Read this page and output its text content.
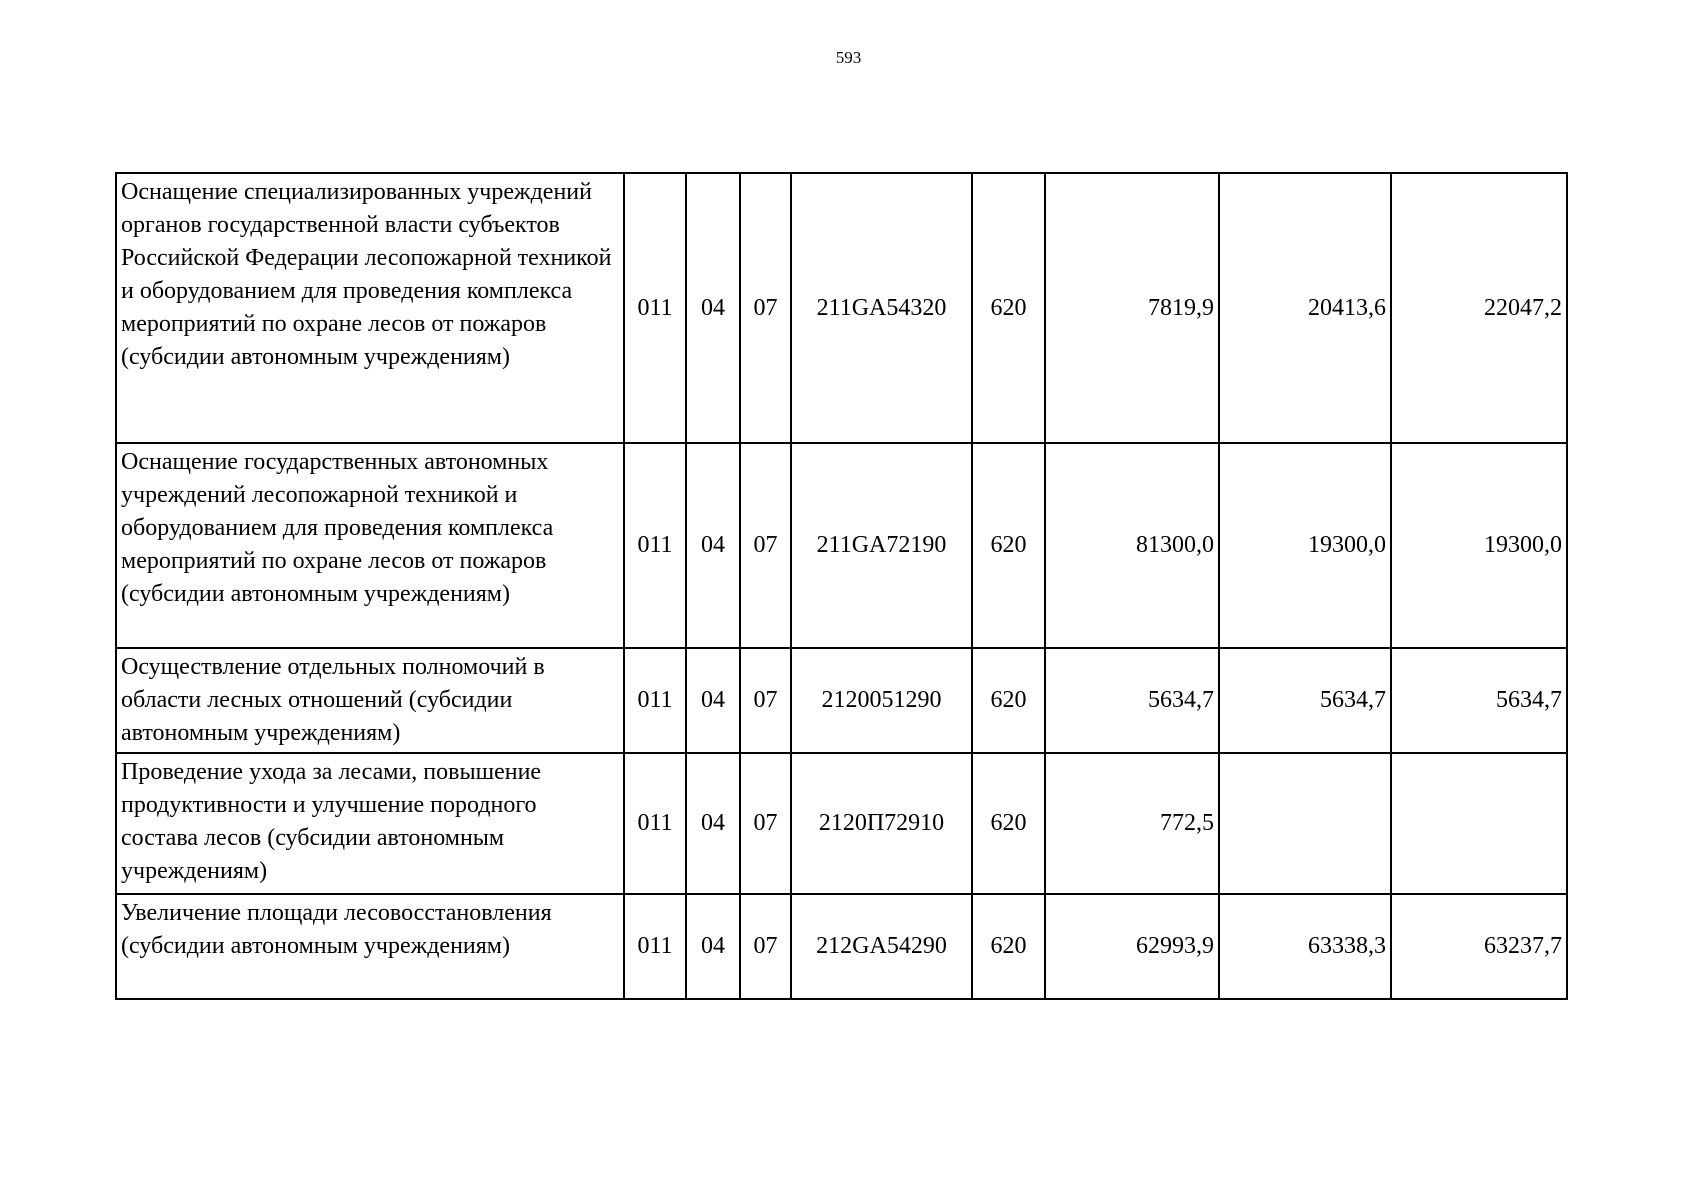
593
Оснащение специализированных учреждений органов государственной власти субъектов Российской Федерации лесопожарной техникой и оборудованием для проведения комплекса мероприятий по охране лесов от пожаров (субсидии автономным учреждениям)	011	04	07	211GA54320	620	7819,9	20413,6	22047,2
Оснащение государственных автономных учреждений лесопожарной техникой и оборудованием для проведения комплекса мероприятий по охране лесов от пожаров (субсидии автономным учреждениям)	011	04	07	211GA72190	620	81300,0	19300,0	19300,0
Осуществление отдельных полномочий в области лесных отношений (субсидии автономным учреждениям)	011	04	07	2120051290	620	5634,7	5634,7	5634,7
Проведение ухода за лесами, повышение продуктивности и улучшение породного состава лесов (субсидии автономным учреждениям)	011	04	07	2120П72910	620	772,5		
Увеличение площади лесовосстановления (субсидии автономным учреждениям)	011	04	07	212GA54290	620	62993,9	63338,3	63237,7
